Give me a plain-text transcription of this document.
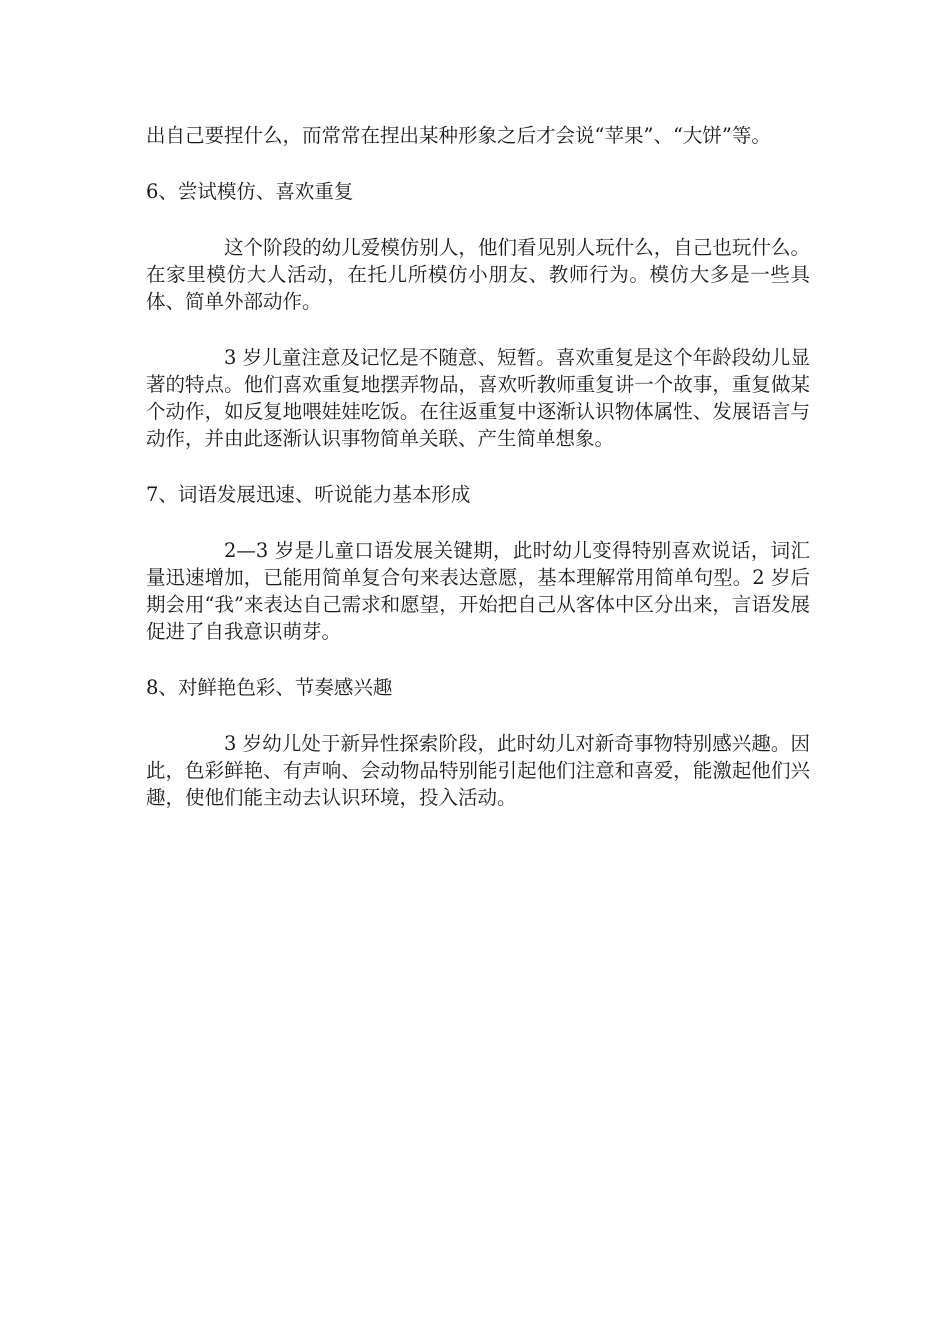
出自己要捏什么，而常常在捏出某种形象之后才会说“苹果”、“大饼”等。

6、尝试模仿、喜欢重复

这个阶段的幼儿爱模仿别人，他们看见别人玩什么，自己也玩什么。在家里模仿大人活动，在托儿所模仿小朋友、教师行为。模仿大多是一些具体、简单外部动作。

3 岁儿童注意及记忆是不随意、短暂。喜欢重复是这个年龄段幼儿显著的特点。他们喜欢重复地摆弄物品，喜欢听教师重复讲一个故事，重复做某个动作，如反复地喂娃娃吃饭。在往返重复中逐渐认识物体属性、发展语言与动作，并由此逐渐认识事物简单关联、产生简单想象。

7、词语发展迅速、听说能力基本形成

2—3 岁是儿童口语发展关键期，此时幼儿变得特别喜欢说话，词汇量迅速增加，已能用简单复合句来表达意愿，基本理解常用简单句型。2 岁后期会用“我”来表达自己需求和愿望，开始把自己从客体中区分出来，言语发展促进了自我意识萌芽。

8、对鲜艳色彩、节奏感兴趣

3 岁幼儿处于新异性探索阶段，此时幼儿对新奇事物特别感兴趣。因此，色彩鲜艳、有声响、会动物品特别能引起他们注意和喜爱，能激起他们兴趣，使他们能主动去认识环境，投入活动。
